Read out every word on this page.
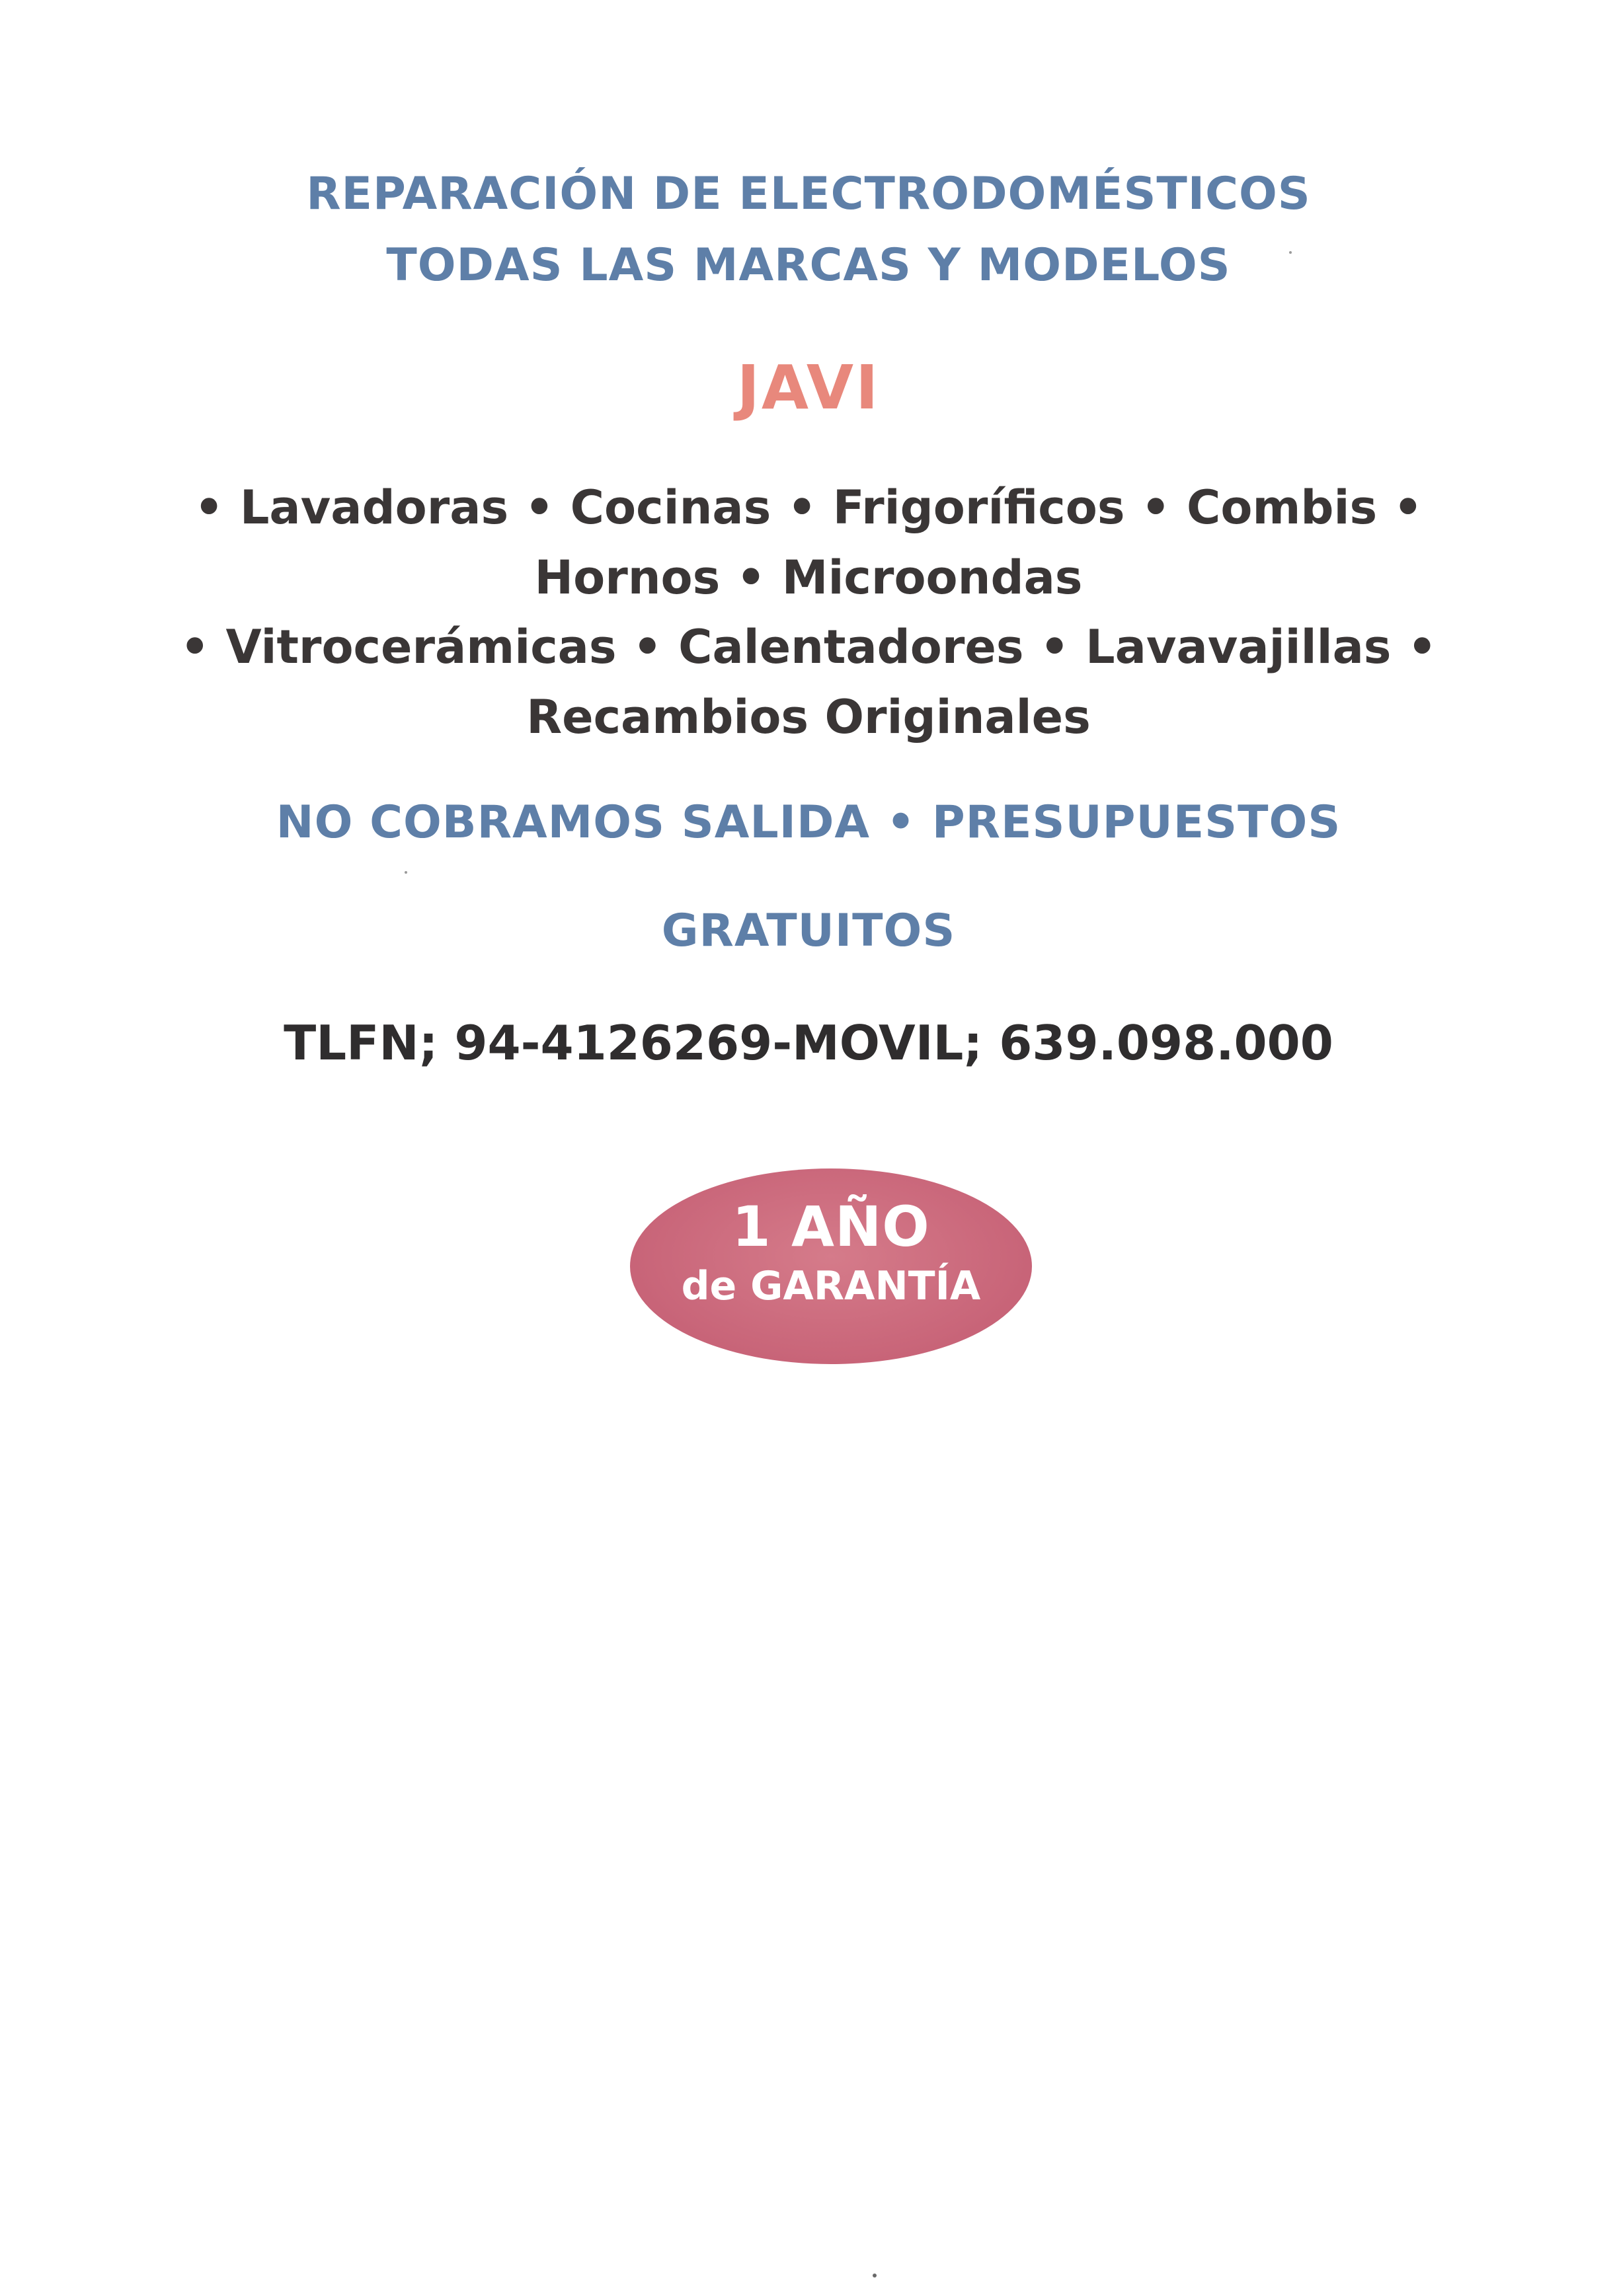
REPARACIÓN DE ELECTRODOMÉSTICOS
TODAS LAS MARCAS Y MODELOS
JAVI
• Lavadoras • Cocinas • Frigoríficos • Combis •
Hornos • Microondas
• Vitrocerámicas • Calentadores • Lavavajillas •
Recambios Originales
NO COBRAMOS SALIDA • PRESUPUESTOS
GRATUITOS
TLFN; 94-4126269-MOVIL; 639.098.000
1 AÑO
de GARANTÍA
